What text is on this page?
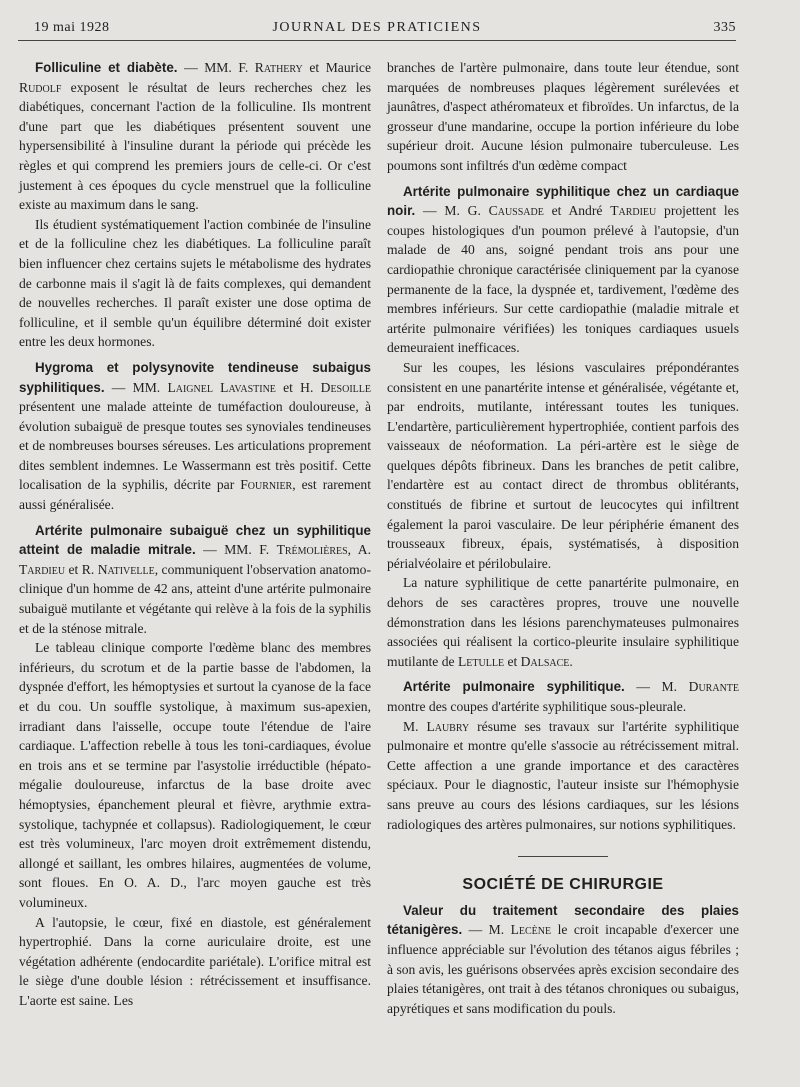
19 mai 1928	JOURNAL DES PRATICIENS	335

Folliculine et diabète. — MM. F. Rathery et Maurice Rudolf exposent le résultat de leurs recherches chez les diabétiques, concernant l'action de la folliculine. Ils montrent d'une part que les diabétiques présentent souvent une hypersensibilité à l'insuline durant la période qui précède les règles et qui comprend les premiers jours de celle-ci. Or c'est justement à ces époques du cycle menstruel que la folliculine existe au maximum dans le sang.

Ils étudient systématiquement l'action combinée de l'insuline et de la folliculine chez les diabétiques. La folliculine paraît bien influencer chez certains sujets le métabolisme des hydrates de carbonne mais il s'agit là de faits complexes, qui demandent de nouvelles recherches. Il paraît exister une dose optima de folliculine, et il semble qu'un équilibre déterminé doit exister entre les deux hormones.

Hygroma et polysynovite tendineuse subaigus syphilitiques. — MM. Laignel Lavastine et H. Desoille présentent une malade atteinte de tuméfaction douloureuse, à évolution subaiguë de presque toutes ses synoviales tendineuses et de nombreuses bourses séreuses. Les articulations proprement dites semblent indemnes. Le Wassermann est très positif. Cette localisation de la syphilis, décrite par Fournier, est rarement aussi généralisée.

Artérite pulmonaire subaiguë chez un syphilitique atteint de maladie mitrale. — MM. F. Trémolières, A. Tardieu et R. Nativelle, communiquent l'observation anatomo-clinique d'un homme de 42 ans, atteint d'une artérite pulmonaire subaiguë mutilante et végétante qui relève à la fois de la syphilis et de la sténose mitrale.

Le tableau clinique comporte l'œdème blanc des membres inférieurs, du scrotum et de la partie basse de l'abdomen, la dyspnée d'effort, les hémoptysies et surtout la cyanose de la face et du cou. Un souffle systolique, à maximum sus-apexien, irradiant dans l'aisselle, occupe toute l'étendue de l'aire cardiaque. L'affection rebelle à tous les toni-cardiaques, évolue en trois ans et se termine par l'asystolie irréductible (hépato-mégalie douloureuse, infarctus de la base droite avec hémoptysies, épanchement pleural et fièvre, arythmie extra-systolique, tachypnée et collapsus). Radiologiquement, le cœur est très volumineux, l'arc moyen droit extrêmement distendu, allongé et saillant, les ombres hilaires, augmentées de volume, sont floues. En O. A. D., l'arc moyen gauche est très volumineux.

A l'autopsie, le cœur, fixé en diastole, est généralement hypertrophié. Dans la corne auriculaire droite, est une végétation adhérente (endocardite pariétale). L'orifice mitral est le siège d'une double lésion : rétrécissement et insuffisance. L'aorte est saine. Les

branches de l'artère pulmonaire, dans toute leur étendue, sont marquées de nombreuses plaques légèrement surélevées et jaunâtres, d'aspect athéromateux et fibroïdes. Un infarctus, de la grosseur d'une mandarine, occupe la portion inférieure du lobe supérieur droit. Aucune lésion pulmonaire tuberculeuse. Les poumons sont infiltrés d'un œdème compact

Artérite pulmonaire syphilitique chez un cardiaque noir. — M. G. Caussade et André Tardieu projettent les coupes histologiques d'un poumon prélevé à l'autopsie, d'un malade de 40 ans, soigné pendant trois ans pour une cardiopathie chronique caractérisée cliniquement par la cyanose permanente de la face, la dyspnée et, tardivement, l'œdème des membres inférieurs. Sur cette cardiopathie (maladie mitrale et artérite pulmonaire vérifiées) les toniques cardiaques usuels demeuraient inefficaces.

Sur les coupes, les lésions vasculaires prépondérantes consistent en une panartérite intense et généralisée, végétante et, par endroits, mutilante, intéressant toutes les tuniques. L'endartère, particulièrement hypertrophiée, contient parfois des vaisseaux de néoformation. La péri-artère est le siège de quelques dépôts fibrineux. Dans les branches de petit calibre, l'endartère est au contact direct de thrombus oblitérants, constitués de fibrine et surtout de leucocytes qui infiltrent également la paroi vasculaire. De leur périphérie émanent des trousseaux fibreux, épais, systématisés, à disposition périalvéolaire et périlobulaire.

La nature syphilitique de cette panartérite pulmonaire, en dehors de ses caractères propres, trouve une nouvelle démonstration dans les lésions parenchymateuses pulmonaires associées qui réalisent la cortico-pleurite insulaire syphilitique mutilante de Letulle et Dalsace.

Artérite pulmonaire syphilitique. — M. Durante montre des coupes d'artérite syphilitique sous-pleurale.

M. Laubry résume ses travaux sur l'artérite syphilitique pulmonaire et montre qu'elle s'associe au rétrécissement mitral. Cette affection a une grande importance et des caractères spéciaux. Pour le diagnostic, l'auteur insiste sur l'hémophysie sans preuve au cours des lésions cardiaques, sur les lésions radiologiques des artères pulmonaires, sur notions syphilitiques.

SOCIÉTÉ DE CHIRURGIE

Valeur du traitement secondaire des plaies tétanigères. — M. Lecène le croit incapable d'exercer une influence appréciable sur l'évolution des tétanos aigus fébriles ; à son avis, les guérisons observées après excision secondaire des plaies tétanigères, ont trait à des tétanos chroniques ou subaigus, apyrétiques et sans modification du pouls.
